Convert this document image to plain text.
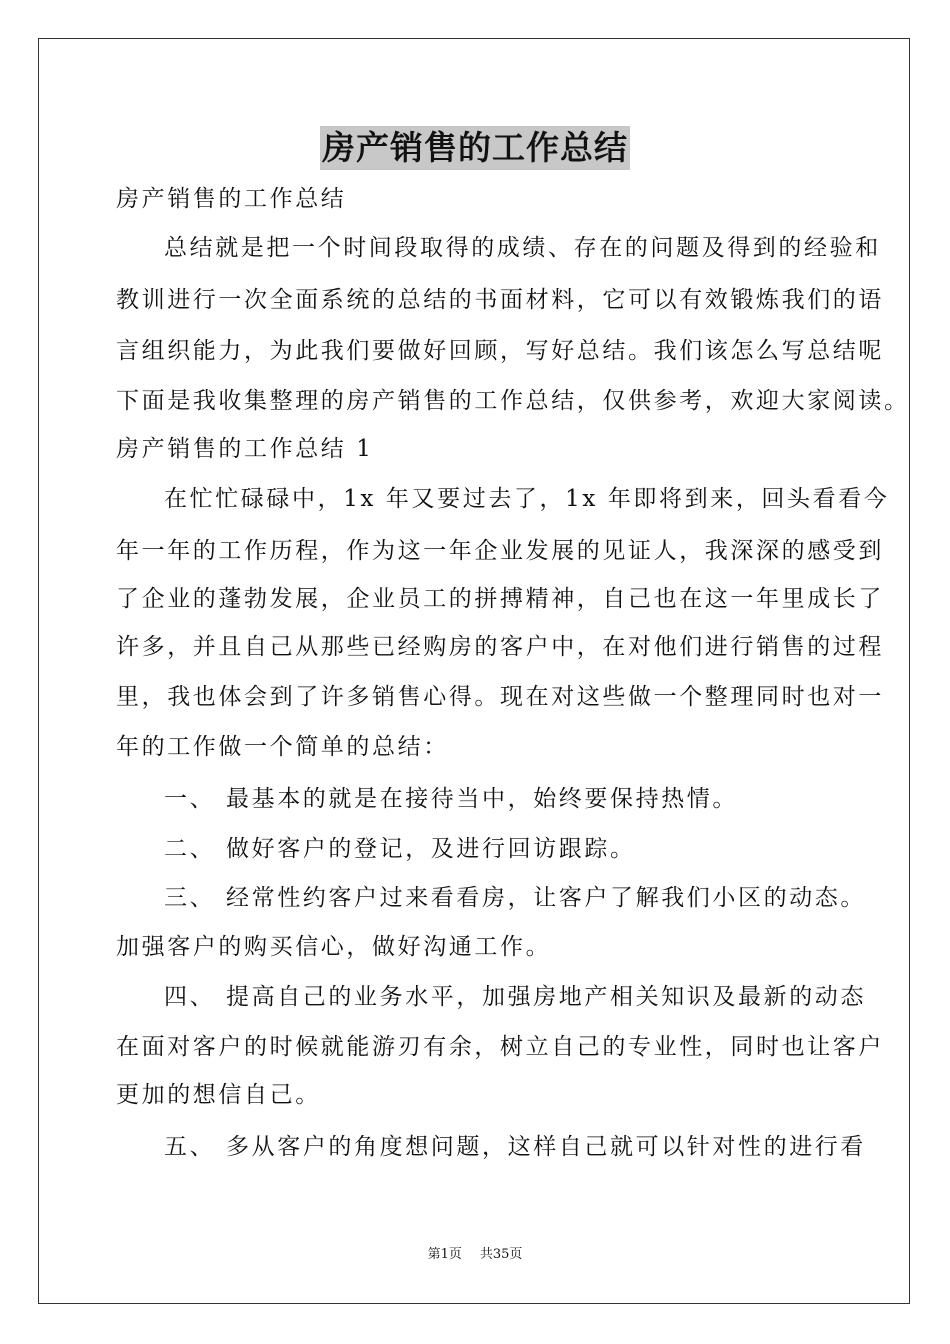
房产销售的工作总结
房产销售的工作总结
总结就是把一个时间段取得的成绩、存在的问题及得到的经验和
教训进行一次全面系统的总结的书面材料，它可以有效锻炼我们的语
言组织能力，为此我们要做好回顾，写好总结。我们该怎么写总结呢
下面是我收集整理的房产销售的工作总结，仅供参考，欢迎大家阅读。
房产销售的工作总结 1
在忙忙碌碌中，1x 年又要过去了，1x 年即将到来，回头看看今
年一年的工作历程，作为这一年企业发展的见证人，我深深的感受到
了企业的蓬勃发展，企业员工的拼搏精神，自己也在这一年里成长了
许多，并且自己从那些已经购房的客户中，在对他们进行销售的过程
里，我也体会到了许多销售心得。现在对这些做一个整理同时也对一
年的工作做一个简单的总结：
一、 最基本的就是在接待当中，始终要保持热情。
二、 做好客户的登记，及进行回访跟踪。
三、 经常性约客户过来看看房，让客户了解我们小区的动态。
加强客户的购买信心，做好沟通工作。
四、 提高自己的业务水平，加强房地产相关知识及最新的动态
在面对客户的时候就能游刃有余，树立自己的专业性，同时也让客户
更加的想信自己。
五、 多从客户的角度想问题，这样自己就可以针对性的进行看
第1页 共35页
